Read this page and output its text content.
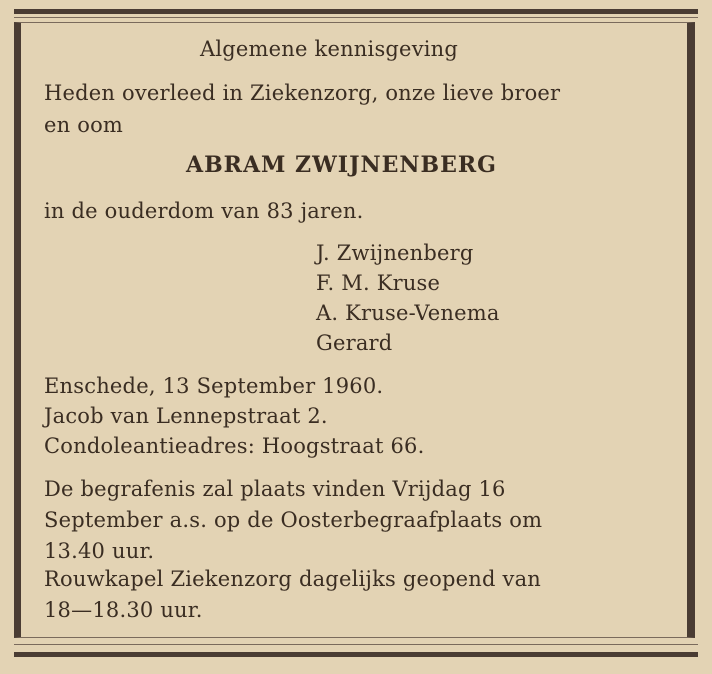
Algemene kennisgeving

Heden overleed in Ziekenzorg, onze lieve broer

en oom

ABRAM ZWIJNENBERG

in de ouderdom van 83 jaren.

J. Zwijnenberg

F. M. Kruse

A. Kruse-Venema

Gerard

Enschede, 13 September 1960.

Jacob van Lennepstraat 2.

Condoleantieadres: Hoogstraat 66.

De begrafenis zal plaats vinden Vrijdag 16

September a.s. op de Oosterbegraafplaats om

13.40 uur.

Rouwkapel Ziekenzorg dagelijks geopend van

18—18.30 uur.
